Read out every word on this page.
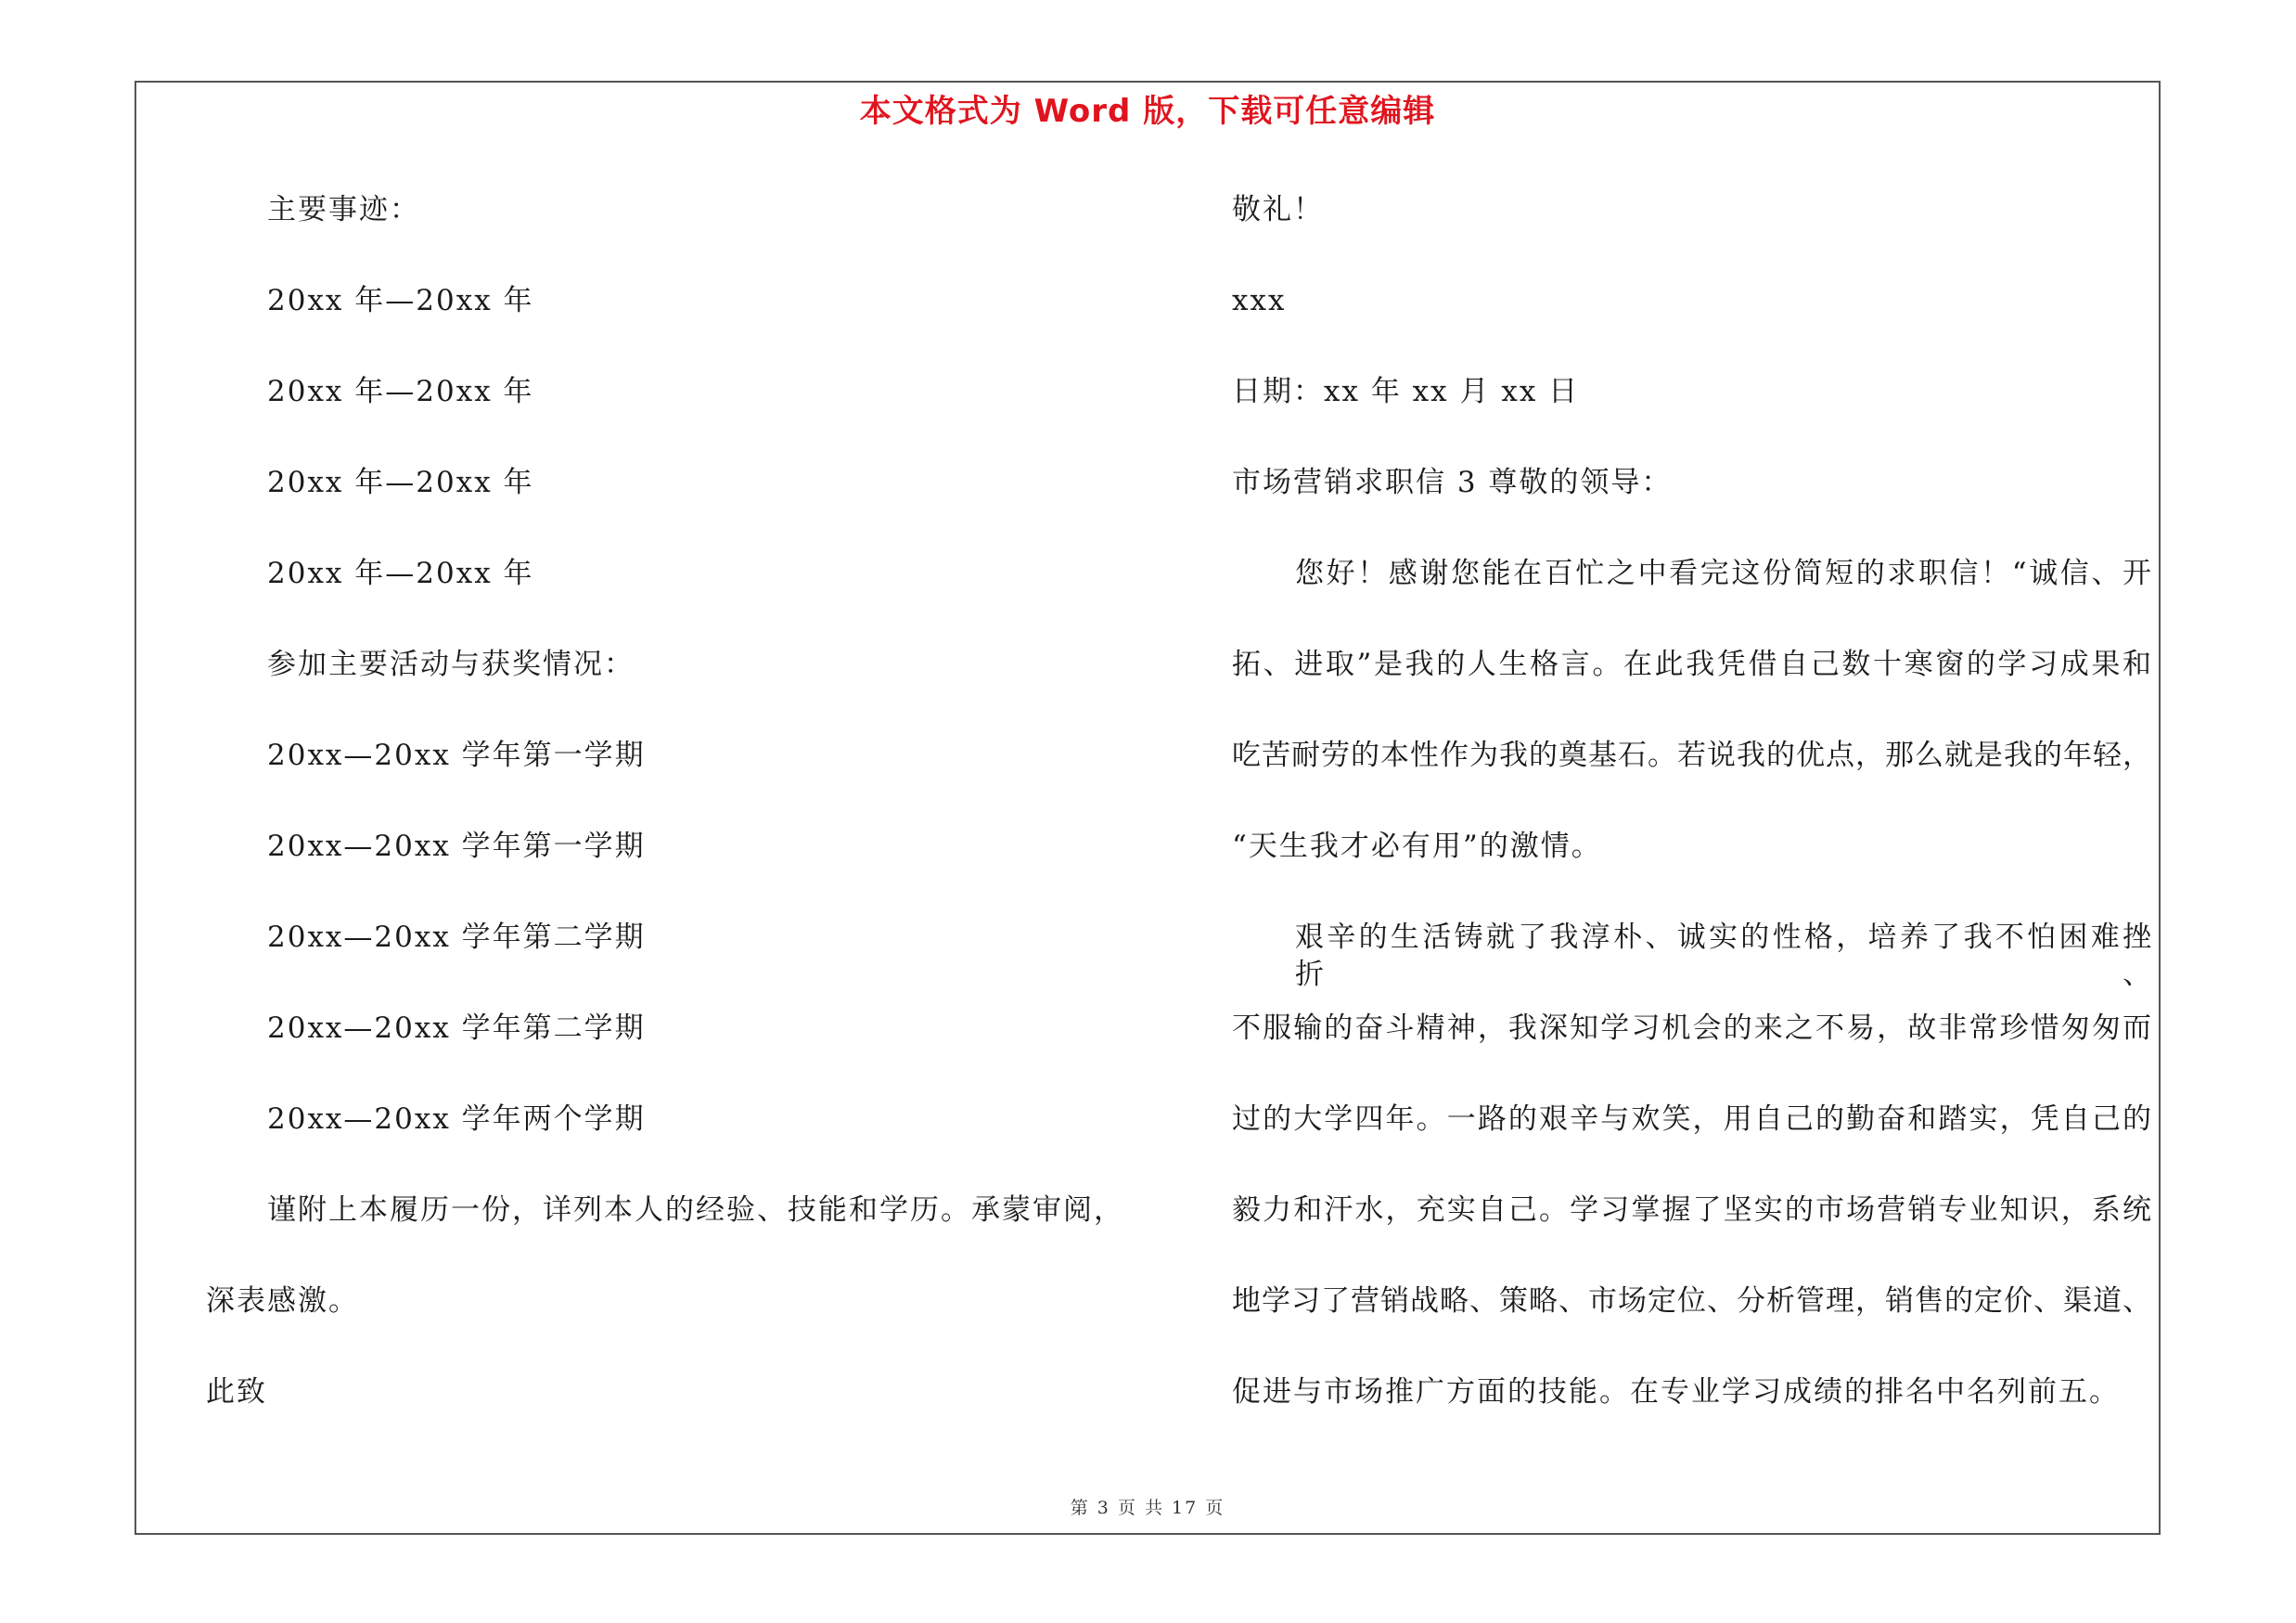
本文格式为 Word 版，下载可任意编辑
主要事迹：
20xx 年—20xx 年
20xx 年—20xx 年
20xx 年—20xx 年
20xx 年—20xx 年
参加主要活动与获奖情况：
20xx—20xx 学年第一学期
20xx—20xx 学年第一学期
20xx—20xx 学年第二学期
20xx—20xx 学年第二学期
20xx—20xx 学年两个学期
谨附上本履历一份，详列本人的经验、技能和学历。承蒙审阅，
深表感激。
此致
敬礼！
xxx
日期：xx 年 xx 月 xx 日
市场营销求职信 3 尊敬的领导：
您好！感谢您能在百忙之中看完这份简短的求职信！“诚信、开
拓、进取”是我的人生格言。在此我凭借自己数十寒窗的学习成果和
吃苦耐劳的本性作为我的奠基石。若说我的优点，那么就是我的年轻，
“天生我才必有用”的激情。
艰辛的生活铸就了我淳朴、诚实的性格，培养了我不怕困难挫折、
不服输的奋斗精神，我深知学习机会的来之不易，故非常珍惜匆匆而
过的大学四年。一路的艰辛与欢笑，用自己的勤奋和踏实，凭自己的
毅力和汗水，充实自己。学习掌握了坚实的市场营销专业知识，系统
地学习了营销战略、策略、市场定位、分析管理，销售的定价、渠道、
促进与市场推广方面的技能。在专业学习成绩的排名中名列前五。
第 3 页 共 17 页
